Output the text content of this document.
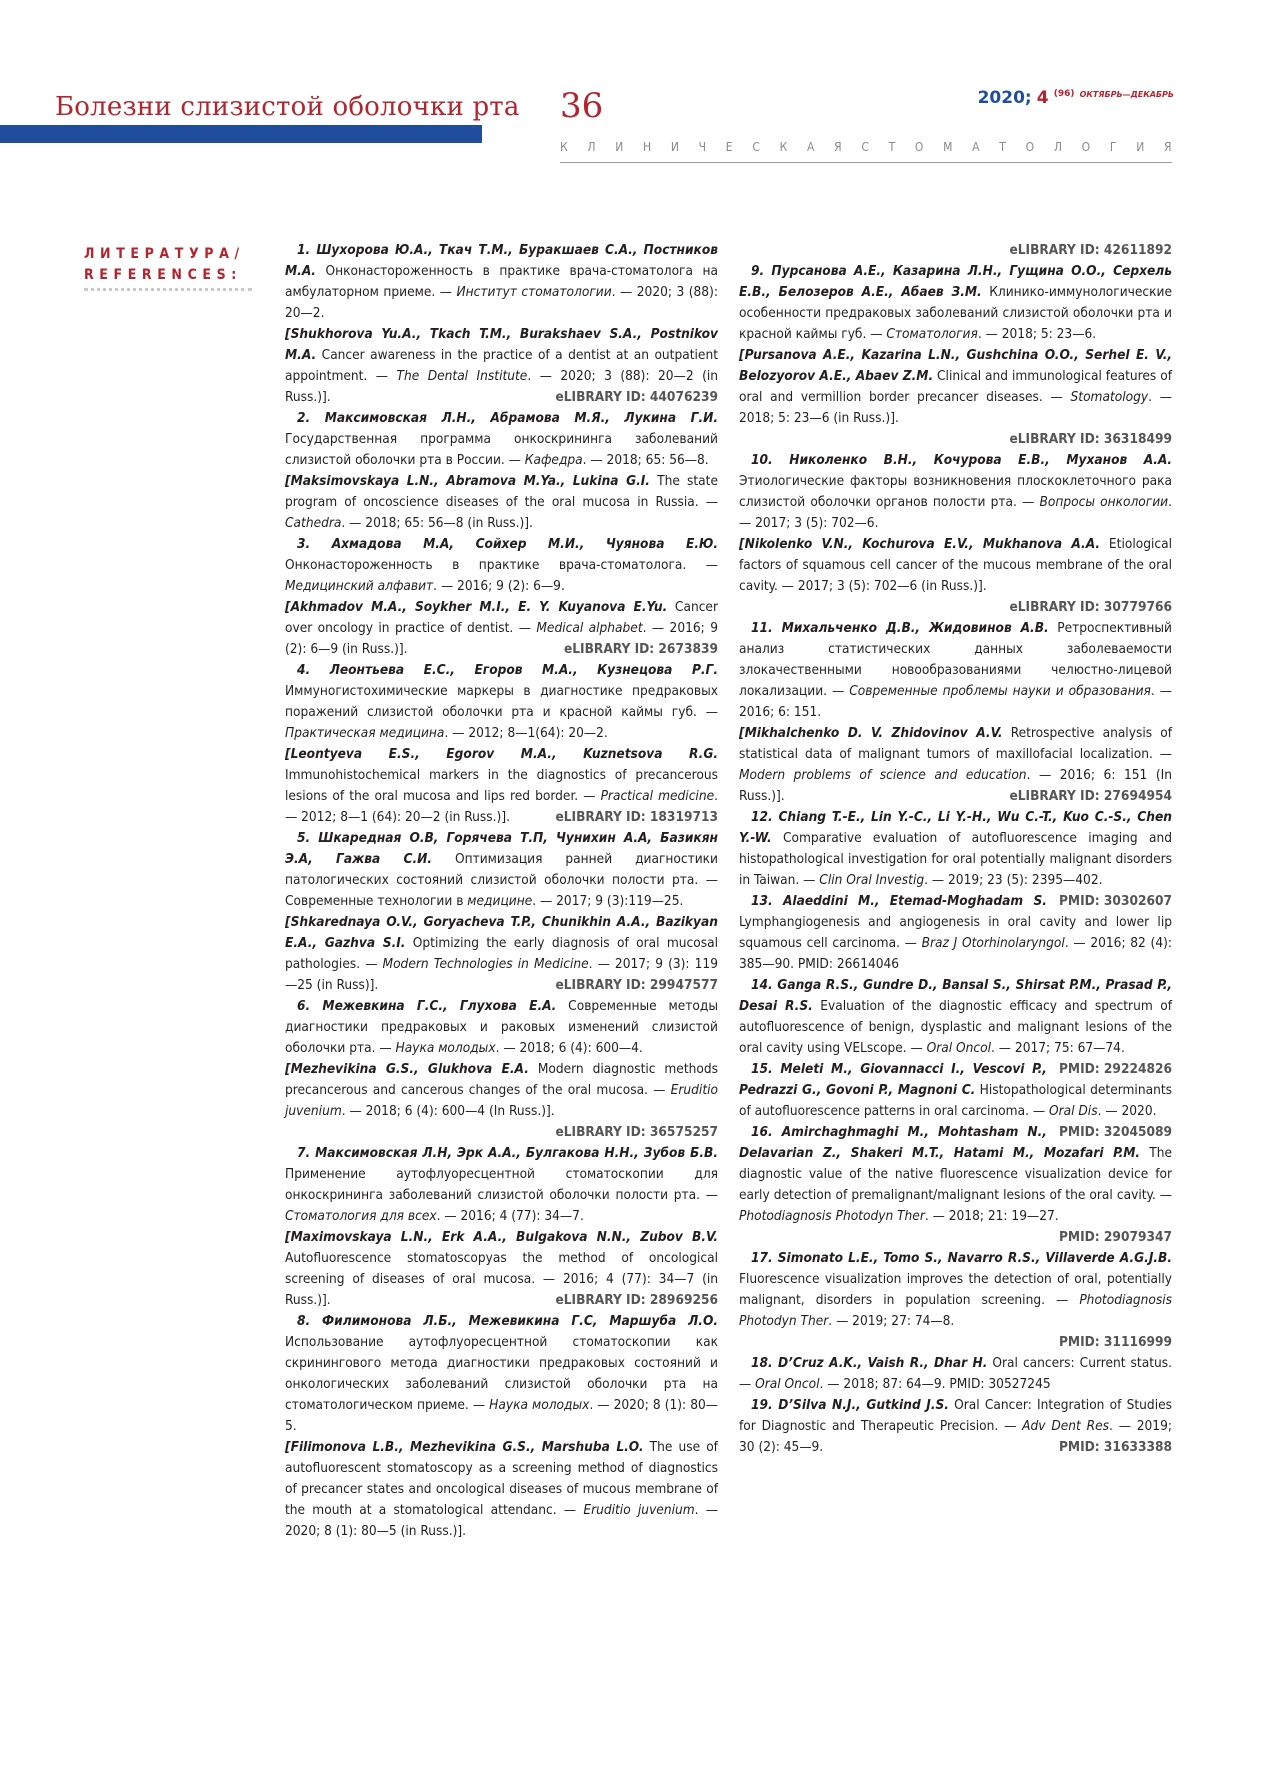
Болезни слизистой оболочки рта 36	2020; 4 $^{(96)}$ $^{ОКТЯБРЬ—ДЕКАБРЬ}$
К Л И Н И Ч Е С К А Я С Т О М А Т О Л О Г И Я
ЛИТЕРАТУРА/
REFERENCES:

1. Шухорова Ю.А., Ткач Т.М., Буракшаев С.А., Постников М.А. Онконастороженность в практике врача-стоматолога на амбулаторном приеме. — Институт стоматологии. — 2020; 3 (88): 20—2.

[Shukhorova Yu.A., Tkach T.M., Burakshaev S.A., Postnikov M.A. Cancer awareness in the practice of a dentist at an outpatient appointment. — The Dental Institute. — 2020; 3 (88): 20—2 (in Russ.)].	eLIBRARY ID: 44076239

2. Максимовская Л.Н., Абрамова М.Я., Лукина Г.И. Государственная программа онкоскрининга заболеваний слизистой оболочки рта в России. — Кафедра. — 2018; 65: 56—8.

[Maksimovskaya L.N., Abramova M.Ya., Lukina G.I. The state program of oncoscience diseases of the oral mucosa in Russia. — Cathedra. — 2018; 65: 56—8 (in Russ.)].

3. Ахмадова М.А, Сойхер М.И., Чуянова Е.Ю. Онконастороженность в практике врача-стоматолога. — Медицинский алфавит. — 2016; 9 (2): 6—9.

[Akhmadov M.A., Soykher M.I., E. Y. Kuyanova E.Yu. Cancer over oncology in practice of dentist. — Medical alphabet. — 2016; 9 (2): 6—9 (in Russ.)].	eLIBRARY ID: 2673839

4. Леонтьева Е.С., Егоров М.А., Кузнецова Р.Г. Иммуногистохимические маркеры в диагностике предраковых поражений слизистой оболочки рта и красной каймы губ. — Практическая медицина. — 2012; 8—1(64): 20—2.

[Leontyeva E.S., Egorov M.A., Kuznetsova R.G. Immunohistochemical markers in the diagnostics of precancerous lesions of the oral mucosa and lips red border. — Practical medicine. — 2012; 8—1 (64): 20—2 (in Russ.)].	eLIBRARY ID: 18319713

5. Шкаредная О.В, Горячева Т.П, Чунихин А.А, Базикян Э.А, Гажва С.И. Оптимизация ранней диагностики патологических состояний слизистой оболочки полости рта. — Современные технологии в медицине. — 2017; 9 (3):119—25.

[Shkarednaya O.V., Goryacheva T.P., Chunikhin A.A., Bazikyan E.A., Gazhva S.I. Optimizing the early diagnosis of oral mucosal pathologies. — Modern Technologies in Medicine. — 2017; 9 (3): 119—25 (in Russ)].	eLIBRARY ID: 29947577

6. Межевкина Г.С., Глухова Е.А. Современные методы диагностики предраковых и раковых изменений слизистой оболочки рта. — Наука молодых. — 2018; 6 (4): 600—4.

[Mezhevikina G.S., Glukhova E.A. Modern diagnostic methods precancerous and cancerous changes of the oral mucosa. — Eruditio juvenium. — 2018; 6 (4): 600—4 (In Russ.)].

eLIBRARY ID: 36575257

7. Максимовская Л.Н, Эрк А.А., Булгакова Н.Н., Зубов Б.В. Применение аутофлуоресцентной стоматоскопии для онкоскрининга заболеваний слизистой оболочки полости рта. — Стоматология для всех. — 2016; 4 (77): 34—7.

[Maximovskaya L.N., Erk A.A., Bulgakova N.N., Zubov B.V. Autofluorescence stomatoscopyas the method of oncological screening of diseases of oral mucosa. — 2016; 4 (77): 34—7 (in Russ.)].	eLIBRARY ID: 28969256

8. Филимонова Л.Б., Межевикина Г.С, Маршуба Л.О. Использование аутофлуоресцентной стоматоскопии как скринингового метода диагностики предраковых состояний и онкологических заболеваний слизистой оболочки рта на стоматологическом приеме. — Наука молодых. — 2020; 8 (1): 80—5.

[Filimonova L.B., Mezhevikina G.S., Marshuba L.O. The use of autofluorescent stomatoscopy as a screening method of diagnostics of precancer states and oncological diseases of mucous membrane of the mouth at a stomatological attendanc. — Eruditio juvenium. — 2020; 8 (1): 80—5 (in Russ.)].

eLIBRARY ID: 42611892

9. Пурсанова А.Е., Казарина Л.Н., Гущина О.О., Серхель Е.В., Белозеров А.Е., Абаев З.М. Клинико-иммунологические особенности предраковых заболеваний слизистой оболочки рта и красной каймы губ. — Стоматология. — 2018; 5: 23—6.

[Pursanova A.E., Kazarina L.N., Gushchina O.O., Serhel E. V., Belozyorov A.E., Abaev Z.M. Clinical and immunological features of oral and vermillion border precancer diseases. — Stomatology. — 2018; 5: 23—6 (in Russ.)].

eLIBRARY ID: 36318499

10. Николенко В.Н., Кочурова Е.В., Муханов А.А. Этиологические факторы возникновения плоскоклеточного рака слизистой оболочки органов полости рта. — Вопросы онкологии. — 2017; 3 (5): 702—6.

[Nikolenko V.N., Kochurova E.V., Mukhanova A.A. Etiological factors of squamous cell cancer of the mucous membrane of the oral cavity. — 2017; 3 (5): 702—6 (in Russ.)].

eLIBRARY ID: 30779766

11. Михальченко Д.В., Жидовинов А.В. Ретроспективный анализ статистических данных заболеваемости злокачественными новообразованиями челюстно-лицевой локализации. — Современные проблемы науки и образования. — 2016; 6: 151.

[Mikhalchenko D. V. Zhidovinov A.V. Retrospective analysis of statistical data of malignant tumors of maxillofacial localization. — Modern problems of science and education. — 2016; 6: 151 (In Russ.)].	eLIBRARY ID: 27694954

12. Chiang T.-E., Lin Y.-C., Li Y.-H., Wu C.-T., Kuo C.-S., Chen Y.-W. Comparative evaluation of autofluorescence imaging and histopathological investigation for oral potentially malignant disorders in Taiwan. — Clin Oral Investig. — 2019; 23 (5): 2395—402.
PMID: 30302607

13. Alaeddini M., Etemad-Moghadam S. Lymphangiogenesis and angiogenesis in oral cavity and lower lip squamous cell carcinoma. — Braz J Otorhinolaryngol. — 2016; 82 (4): 385—90. PMID: 26614046

14. Ganga R.S., Gundre D., Bansal S., Shirsat P.M., Prasad P., Desai R.S. Evaluation of the diagnostic efficacy and spectrum of autofluorescence of benign, dysplastic and malignant lesions of the oral cavity using VELscope. — Oral Oncol. — 2017; 75: 67—74.
PMID: 29224826

15. Meleti M., Giovannacci I., Vescovi P., Pedrazzi G., Govoni P., Magnoni C. Histopathological determinants of autofluorescence patterns in oral carcinoma. — Oral Dis. — 2020.
PMID: 32045089

16. Amirchaghmaghi M., Mohtasham N., Delavarian Z., Shakeri M.T., Hatami M., Mozafari P.M. The diagnostic value of the native fluorescence visualization device for early detection of premalignant/malignant lesions of the oral cavity. — Photodiagnosis Photodyn Ther. — 2018; 21: 19—27.

PMID: 29079347

17. Simonato L.E., Tomo S., Navarro R.S., Villaverde A.G.J.B. Fluorescence visualization improves the detection of oral, potentially malignant, disorders in population screening. — Photodiagnosis Photodyn Ther. — 2019; 27: 74—8.

PMID: 31116999

18. D’Cruz A.K., Vaish R., Dhar H. Oral cancers: Current status. — Oral Oncol. — 2018; 87: 64—9. PMID: 30527245

19. D’Silva N.J., Gutkind J.S. Oral Cancer: Integration of Studies for Diagnostic and Therapeutic Precision. — Adv Dent Res. — 2019; 30 (2): 45—9.	PMID: 31633388
